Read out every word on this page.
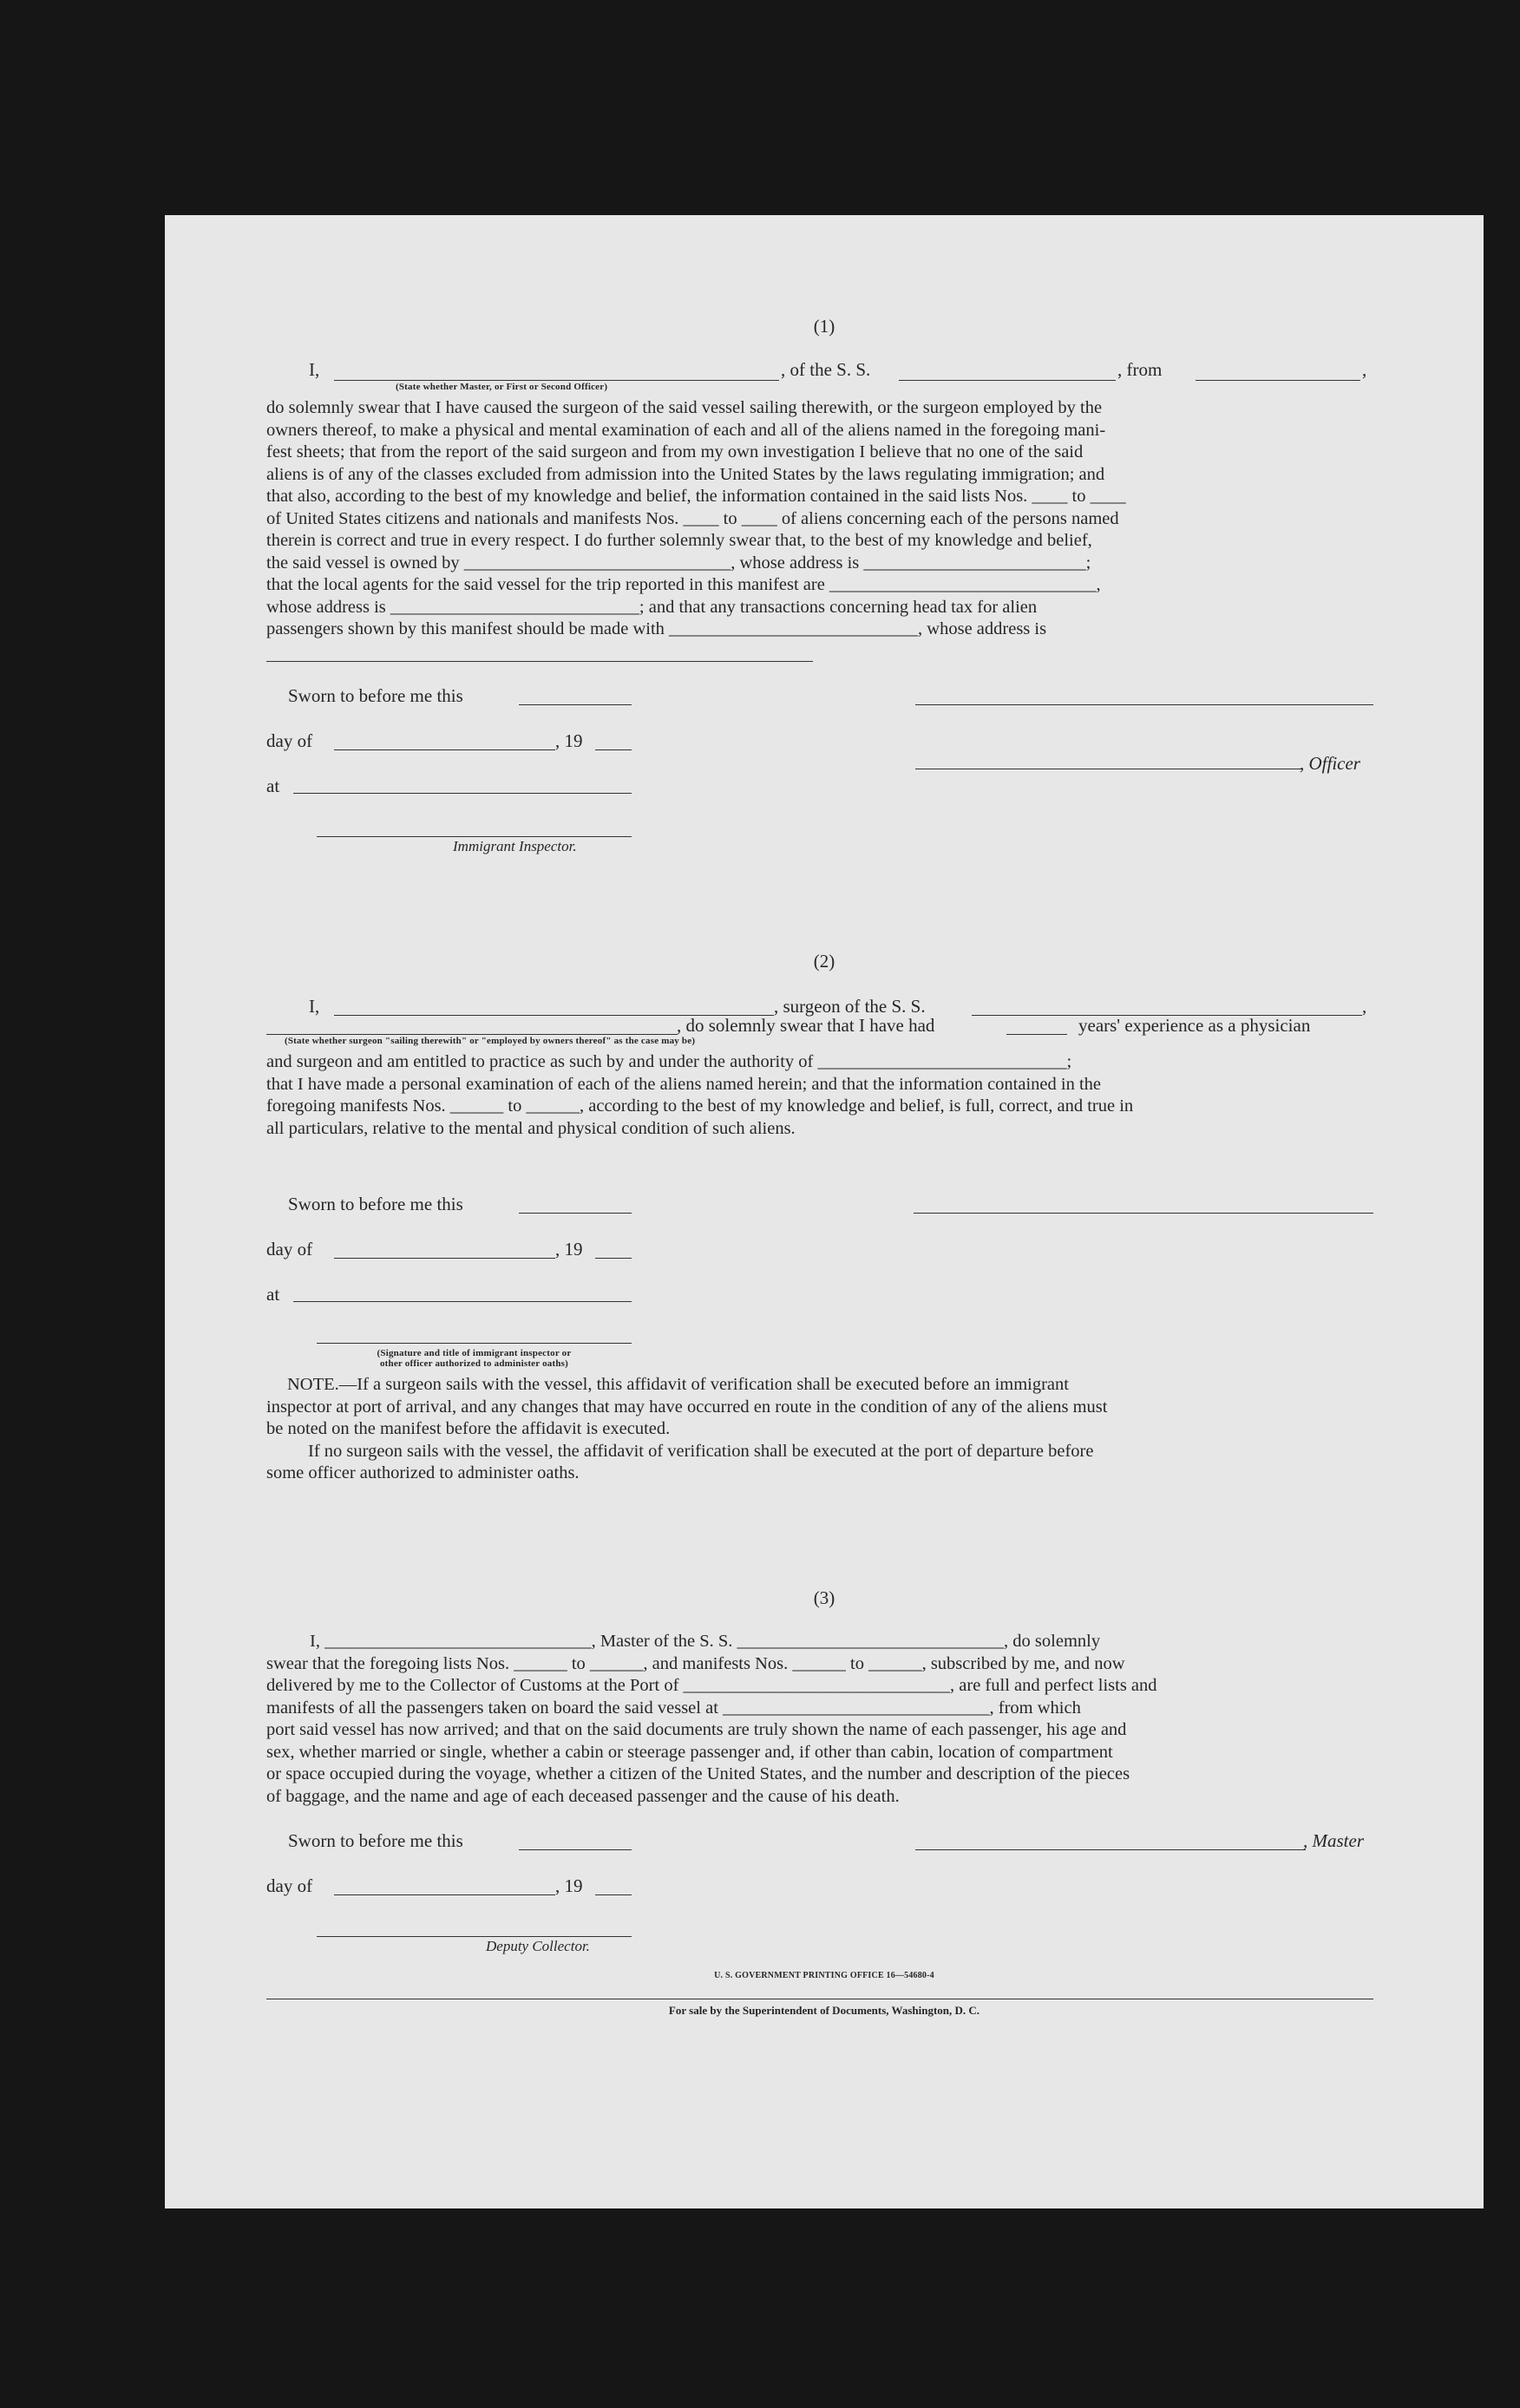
(1)
I,	, of the S. S.	, from	,
(State whether Master, or First or Second Officer)
do solemnly swear that I have caused the surgeon of the said vessel sailing therewith, or the surgeon employed by the
owners thereof, to make a physical and mental examination of each and all of the aliens named in the foregoing mani-
fest sheets; that from the report of the said surgeon and from my own investigation I believe that no one of the said
aliens is of any of the classes excluded from admission into the United States by the laws regulating immigration; and
that also, according to the best of my knowledge and belief, the information contained in the said lists Nos. ____ to ____
of United States citizens and nationals and manifests Nos. ____ to ____ of aliens concerning each of the persons named
therein is correct and true in every respect. I do further solemnly swear that, to the best of my knowledge and belief,
the said vessel is owned by ______________________________, whose address is _________________________;
that the local agents for the said vessel for the trip reported in this manifest are ______________________________,
whose address is ____________________________; and that any transactions concerning head tax for alien
passengers shown by this manifest should be made with ____________________________, whose address is
Sworn to before me this
day of	, 19
, Officer
at
Immigrant Inspector.
(2)
I,	, surgeon of the S. S.	,
, do solemnly swear that I have had	years' experience as a physician
(State whether surgeon "sailing therewith" or "employed by owners thereof" as the case may be)
and surgeon and am entitled to practice as such by and under the authority of ____________________________;
that I have made a personal examination of each of the aliens named herein; and that the information contained in the
foregoing manifests Nos. ______ to ______, according to the best of my knowledge and belief, is full, correct, and true in
all particulars, relative to the mental and physical condition of such aliens.
Sworn to before me this
day of	, 19
at
(Signature and title of immigrant inspector or
other officer authorized to administer oaths)
NOTE.—If a surgeon sails with the vessel, this affidavit of verification shall be executed before an immigrant
inspector at port of arrival, and any changes that may have occurred en route in the condition of any of the aliens must
be noted on the manifest before the affidavit is executed.
If no surgeon sails with the vessel, the affidavit of verification shall be executed at the port of departure before
some officer authorized to administer oaths.
(3)
I, ______________________________, Master of the S. S. ______________________________, do solemnly
swear that the foregoing lists Nos. ______ to ______, and manifests Nos. ______ to ______, subscribed by me, and now
delivered by me to the Collector of Customs at the Port of ______________________________, are full and perfect lists and
manifests of all the passengers taken on board the said vessel at ______________________________, from which
port said vessel has now arrived; and that on the said documents are truly shown the name of each passenger, his age and
sex, whether married or single, whether a cabin or steerage passenger and, if other than cabin, location of compartment
or space occupied during the voyage, whether a citizen of the United States, and the number and description of the pieces
of baggage, and the name and age of each deceased passenger and the cause of his death.
Sworn to before me this	, Master
day of	, 19
Deputy Collector.
U. S. GOVERNMENT PRINTING OFFICE 16—54680-4
For sale by the Superintendent of Documents, Washington, D. C.
